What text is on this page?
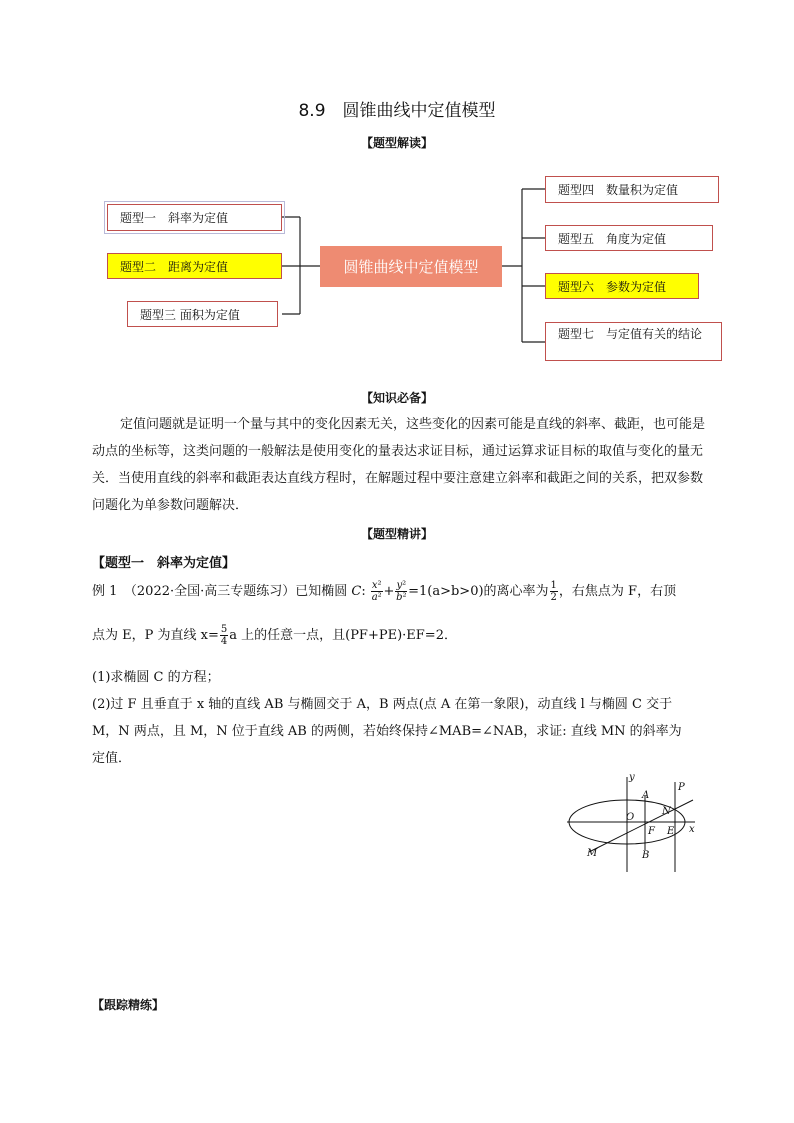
8.9　圆锥曲线中定值模型
【题型解读】
题型一　斜率为定值
题型二　距离为定值
题型三 面积为定值
圆锥曲线中定值模型
题型四　数量积为定值
题型五　角度为定值
题型六　参数为定值
题型七　与定值有关的结论
【知识必备】
定值问题就是证明一个量与其中的变化因素无关，这些变化的因素可能是直线的斜率、截距，也可能是动点的坐标等，这类问题的一般解法是使用变化的量表达求证目标，通过运算求证目标的取值与变化的量无关．当使用直线的斜率和截距表达直线方程时，在解题过程中要注意建立斜率和截距之间的关系，把双参数问题化为单参数问题解决．
【题型精讲】
【题型一　斜率为定值】
例 1　（2022·全国·高三专题练习）已知椭圆 C: $\frac{\text{x²}}{\text{a²}} + \frac{\text{y²}}{\text{b²}} =1(a>b>0)$的离心率为 $\frac{1}{2}$ ，右焦点为 F，右顶
点为 E，P 为直线 $x= \frac{5}{4}$ a 上的任意一点，且(PF+PE)·EF=2．
(1)求椭圆 C 的方程；
(2)过 F 且垂直于 x 轴的直线 AB 与椭圆交于 A，B 两点(点 A 在第一象限)，动直线 l 与椭圆 C 交于
M，N 两点，且 M，N 位于直线 AB 的两侧，若始终保持∠MAB=∠NAB，求证: 直线 MN 的斜率为
定值．
y
x
O
A
N
P
F E
B
M
【跟踪精练】
